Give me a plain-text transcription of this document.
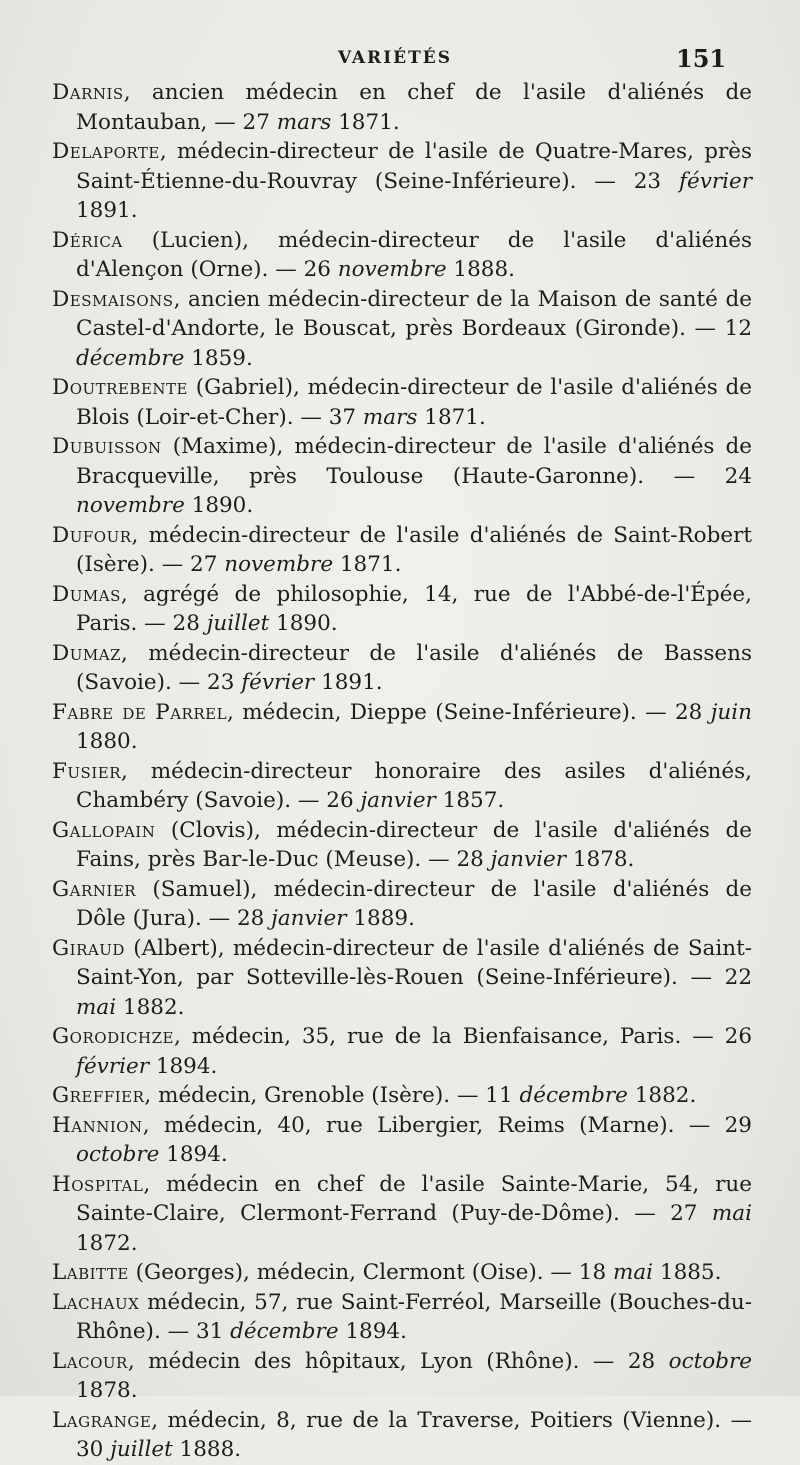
VARIÉTÉS	151

Darnis, ancien médecin en chef de l'asile d'aliénés de Montauban, — 27 mars 1871.

Delaporte, médecin-directeur de l'asile de Quatre-Mares, près Saint-Étienne-du-Rouvray (Seine-Inférieure). — 23 février 1891.

Dérica (Lucien), médecin-directeur de l'asile d'aliénés d'Alençon (Orne). — 26 novembre 1888.

Desmaisons, ancien médecin-directeur de la Maison de santé de Castel-d'Andorte, le Bouscat, près Bordeaux (Gironde). — 12 décembre 1859.

Doutrebente (Gabriel), médecin-directeur de l'asile d'aliénés de Blois (Loir-et-Cher). — 37 mars 1871.

Dubuisson (Maxime), médecin-directeur de l'asile d'aliénés de Bracqueville, près Toulouse (Haute-Garonne). — 24 novembre 1890.

Dufour, médecin-directeur de l'asile d'aliénés de Saint-Robert (Isère). — 27 novembre 1871.

Dumas, agrégé de philosophie, 14, rue de l'Abbé-de-l'Épée, Paris. — 28 juillet 1890.

Dumaz, médecin-directeur de l'asile d'aliénés de Bassens (Savoie). — 23 février 1891.

Fabre de Parrel, médecin, Dieppe (Seine-Inférieure). — 28 juin 1880.

Fusier, médecin-directeur honoraire des asiles d'aliénés, Chambéry (Savoie). — 26 janvier 1857.

Gallopain (Clovis), médecin-directeur de l'asile d'aliénés de Fains, près Bar-le-Duc (Meuse). — 28 janvier 1878.

Garnier (Samuel), médecin-directeur de l'asile d'aliénés de Dôle (Jura). — 28 janvier 1889.

Giraud (Albert), médecin-directeur de l'asile d'aliénés de Saint-Saint-Yon, par Sotteville-lès-Rouen (Seine-Inférieure). — 22 mai 1882.

Gorodichze, médecin, 35, rue de la Bienfaisance, Paris. — 26 février 1894.

Greffier, médecin, Grenoble (Isère). — 11 décembre 1882.

Hannion, médecin, 40, rue Libergier, Reims (Marne). — 29 octobre 1894.

Hospital, médecin en chef de l'asile Sainte-Marie, 54, rue Sainte-Claire, Clermont-Ferrand (Puy-de-Dôme). — 27 mai 1872.

Labitte (Georges), médecin, Clermont (Oise). — 18 mai 1885.

Lachaux médecin, 57, rue Saint-Ferréol, Marseille (Bouches-du-Rhône). — 31 décembre 1894.

Lacour, médecin des hôpitaux, Lyon (Rhône). — 28 octobre 1878.

Lagrange, médecin, 8, rue de la Traverse, Poitiers (Vienne). — 30 juillet 1888.
